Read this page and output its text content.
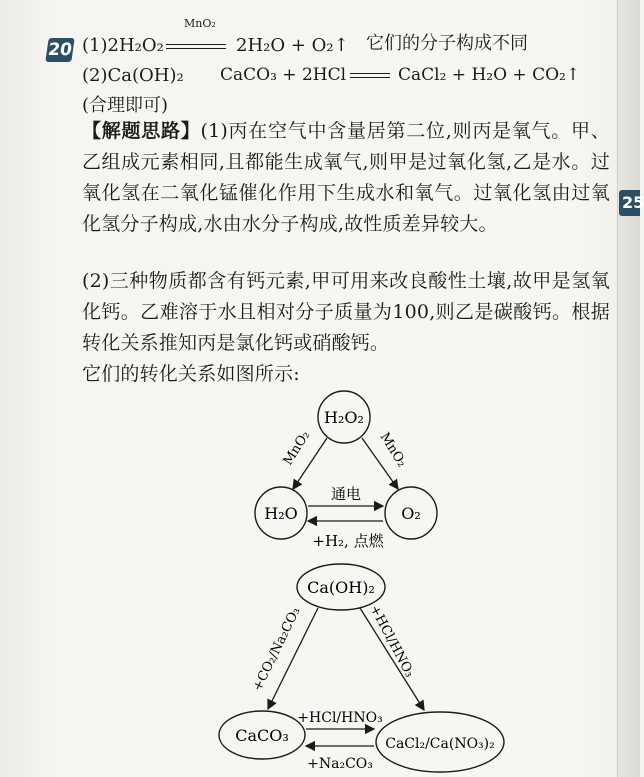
25
20 (1)2H₂O₂
MnO₂
2H₂O + O₂↑ 它们的分子构成不同
(2)Ca(OH)₂ CaCO₃ + 2HCl	CaCl₂ + H₂O + CO₂↑
(合理即可)
【解题思路】(1)丙在空气中含量居第二位,则丙是氧气。甲、乙组成元素相同,且都能生成氧气,则甲是过氧化氢,乙是水。过氧化氢在二氧化锰催化作用下生成水和氧气。过氧化氢由过氧化氢分子构成,水由水分子构成,故性质差异较大。
(2)三种物质都含有钙元素,甲可用来改良酸性土壤,故甲是氢氧化钙。乙难溶于水且相对分子质量为100,则乙是碳酸钙。根据转化关系推知丙是氯化钙或硝酸钙。
它们的转化关系如图所示:
H₂O₂
H₂O	O₂
MnO₂	MnO₂
通电
+H₂, 点燃
Ca(OH)₂
CaCO₃	CaCl₂/Ca(NO₃)₂
+CO₂/Na₂CO₃	+HCl/HNO₃
+HCl/HNO₃
+Na₂CO₃
